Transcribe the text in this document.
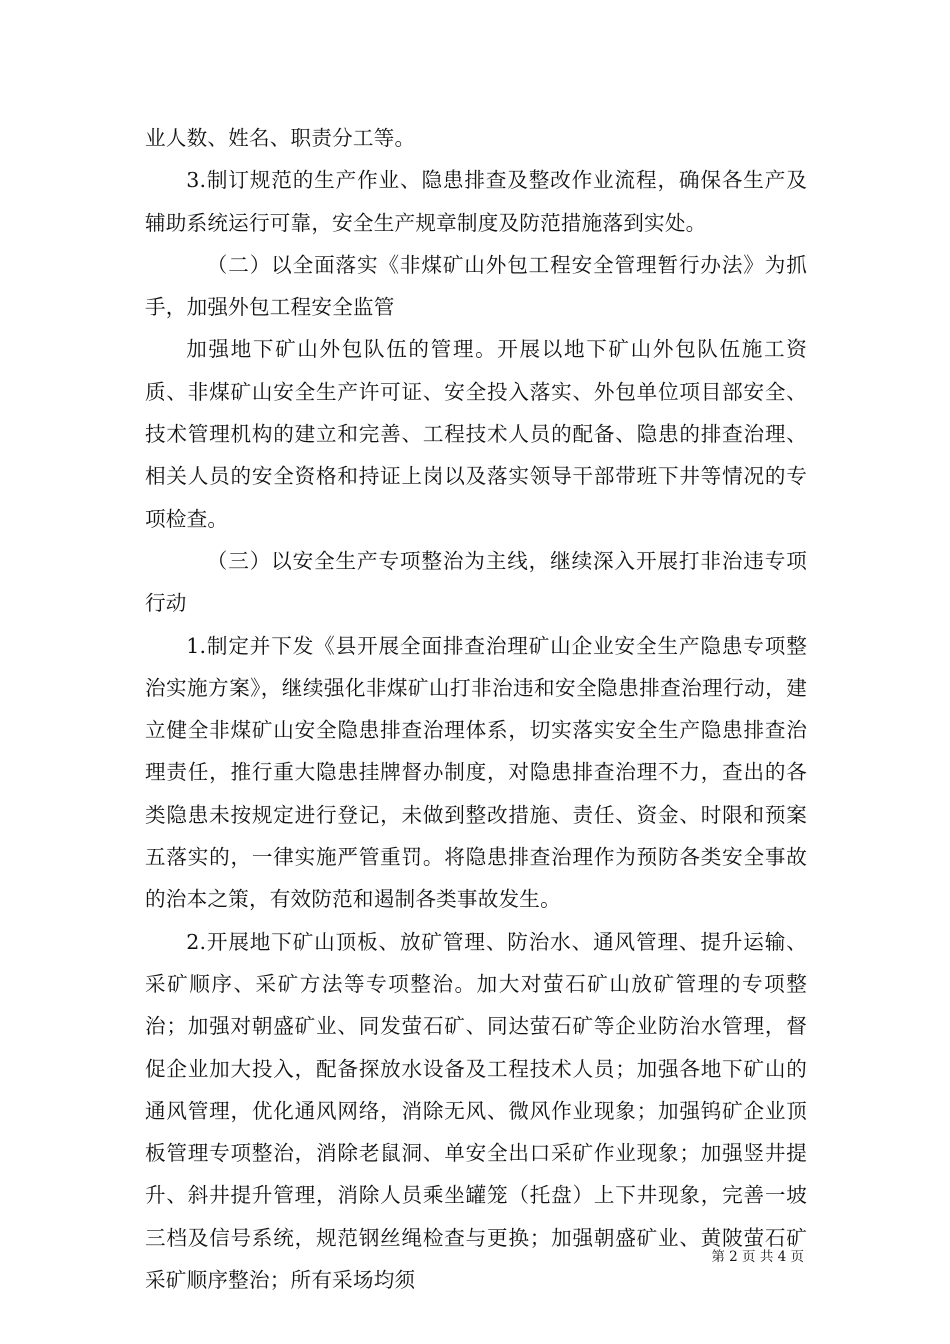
业人数、姓名、职责分工等。

3.制订规范的生产作业、隐患排查及整改作业流程，确保各生产及辅助系统运行可靠，安全生产规章制度及防范措施落到实处。

（二）以全面落实《非煤矿山外包工程安全管理暂行办法》为抓手，加强外包工程安全监管

加强地下矿山外包队伍的管理。开展以地下矿山外包队伍施工资质、非煤矿山安全生产许可证、安全投入落实、外包单位项目部安全、技术管理机构的建立和完善、工程技术人员的配备、隐患的排查治理、相关人员的安全资格和持证上岗以及落实领导干部带班下井等情况的专项检查。

（三）以安全生产专项整治为主线，继续深入开展打非治违专项行动

1.制定并下发《县开展全面排查治理矿山企业安全生产隐患专项整治实施方案》，继续强化非煤矿山打非治违和安全隐患排查治理行动，建立健全非煤矿山安全隐患排查治理体系，切实落实安全生产隐患排查治理责任，推行重大隐患挂牌督办制度，对隐患排查治理不力，查出的各类隐患未按规定进行登记，未做到整改措施、责任、资金、时限和预案五落实的，一律实施严管重罚。将隐患排查治理作为预防各类安全事故的治本之策，有效防范和遏制各类事故发生。

2.开展地下矿山顶板、放矿管理、防治水、通风管理、提升运输、采矿顺序、采矿方法等专项整治。加大对萤石矿山放矿管理的专项整治；加强对朝盛矿业、同发萤石矿、同达萤石矿等企业防治水管理，督促企业加大投入，配备探放水设备及工程技术人员；加强各地下矿山的通风管理，优化通风网络，消除无风、微风作业现象；加强钨矿企业顶板管理专项整治，消除老鼠洞、单安全出口采矿作业现象；加强竖井提升、斜井提升管理，消除人员乘坐罐笼（托盘）上下井现象，完善一坡三档及信号系统，规范钢丝绳检查与更换；加强朝盛矿业、黄陂萤石矿采矿顺序整治；所有采场均须

第 2 页 共 4 页
